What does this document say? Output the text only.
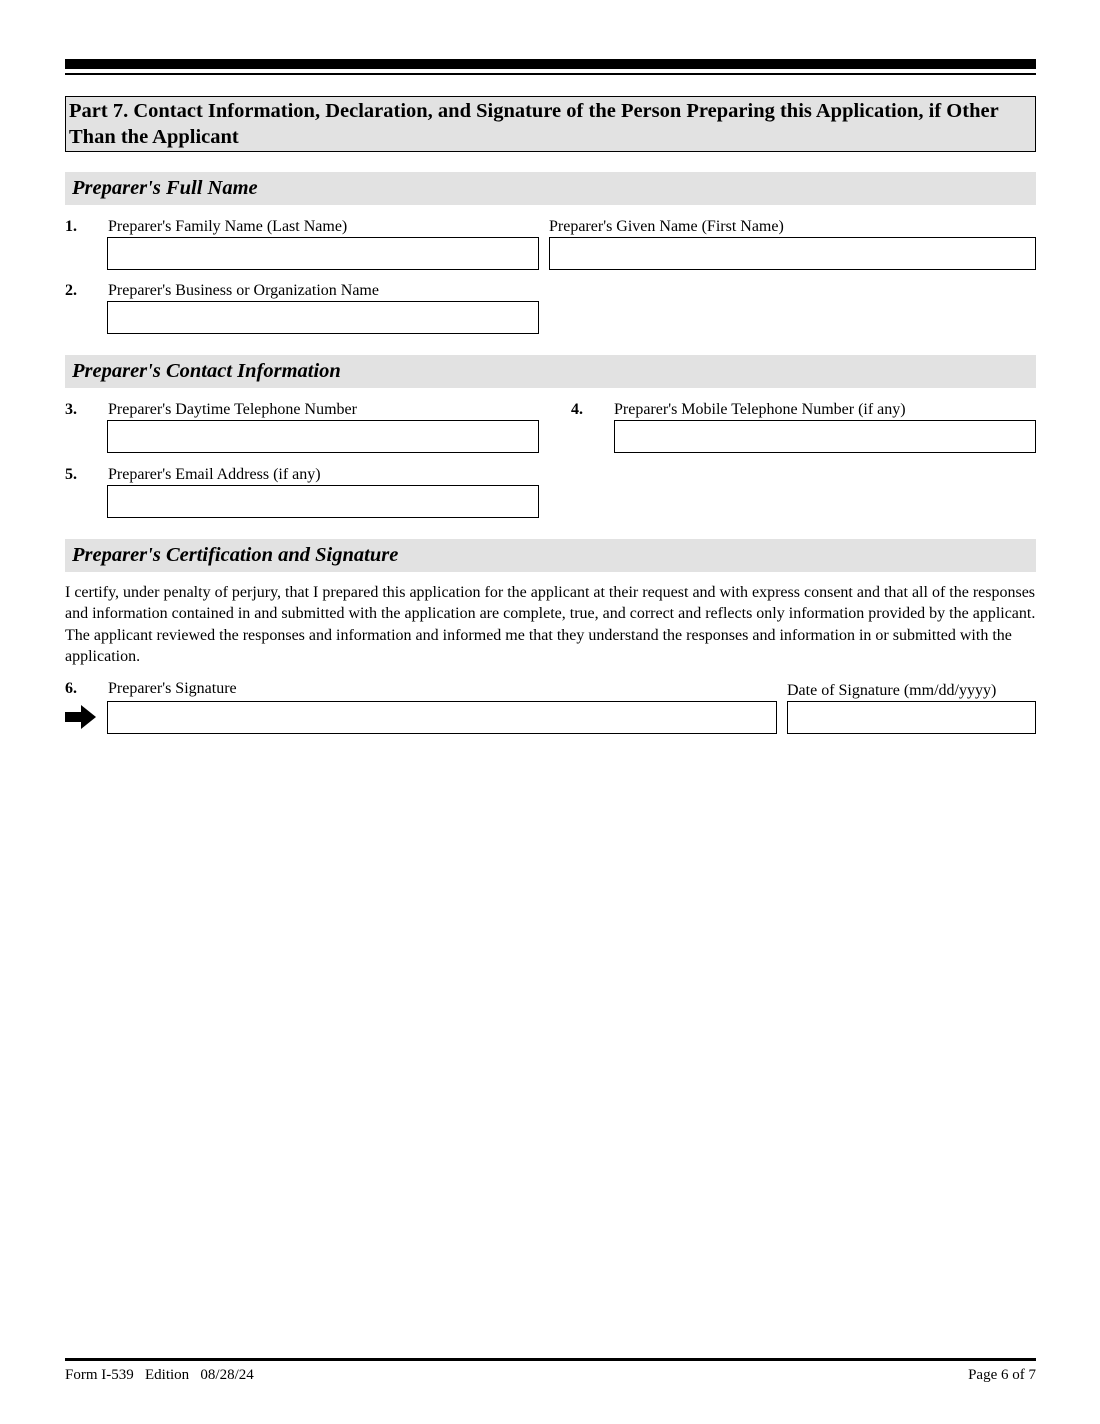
Part 7. Contact Information, Declaration, and Signature of the Person Preparing this Application, if Other Than the Applicant
Preparer's Full Name
1. Preparer's Family Name (Last Name)	Preparer's Given Name (First Name)
2. Preparer's Business or Organization Name
Preparer's Contact Information
3. Preparer's Daytime Telephone Number	4. Preparer's Mobile Telephone Number (if any)
5. Preparer's Email Address (if any)
Preparer's Certification and Signature
I certify, under penalty of perjury, that I prepared this application for the applicant at their request and with express consent and that all of the responses and information contained in and submitted with the application are complete, true, and correct and reflects only information provided by the applicant. The applicant reviewed the responses and information and informed me that they understand the responses and information in or submitted with the application.
6. Preparer's Signature	Date of Signature (mm/dd/yyyy)
Form I-539   Edition   08/28/24	Page 6 of 7
